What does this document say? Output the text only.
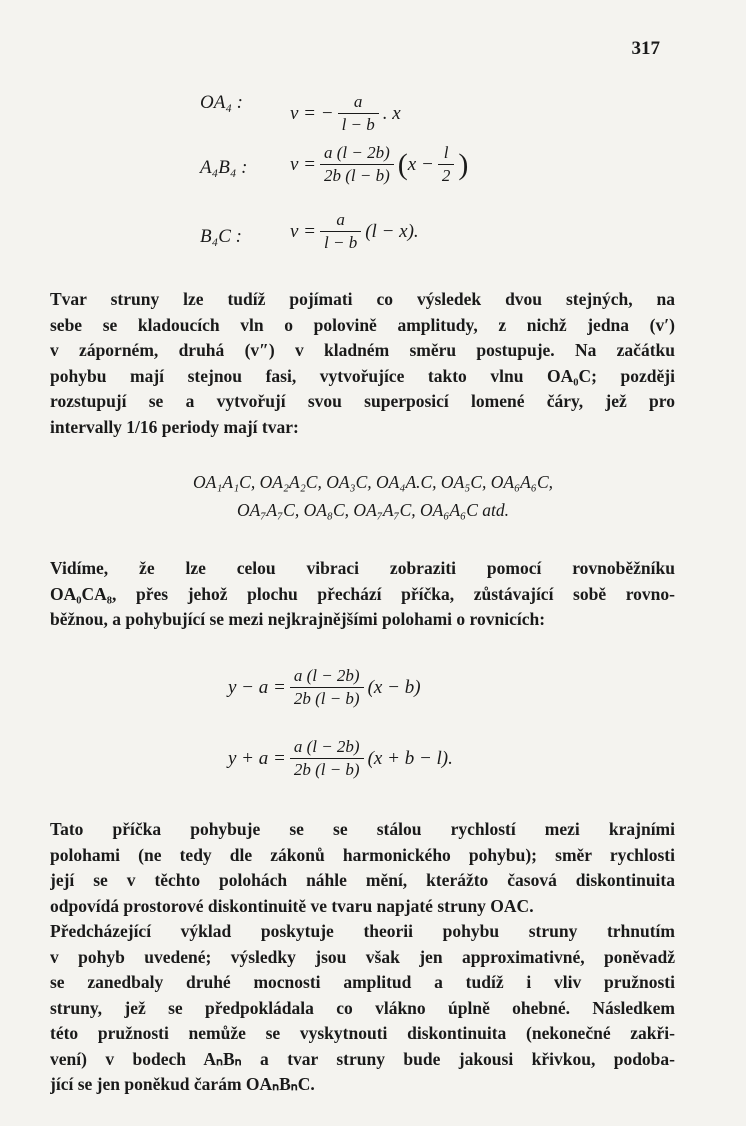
317
OA₄ : v = − $\frac{a}{l - b}$ . x
A₄B₄ : $v = \frac{a (l - 2b)}{2b (l - b)}$ ( $x - \frac{l}{2}$ )
B₄C :	$v = \frac{a}{l - b} (l - x)$.
Tvar struny lze tudíž pojímati co výsledek dvou stejných, na
sebe se kladoucích vln o polovině amplitudy, z nichž jedna (v′)
v záporném, druhá (v″) v kladném směru postupuje. Na začátku
pohybu mají stejnou fasi, vytvořujíce takto vlnu OA₀C; později
rozstupují se a vytvořují svou superposicí lomené čáry, jež pro
intervally 1/16 periody mají tvar:
OA₁A₁C, OA₂A₂C, OA₃C, OA₄A.C, OA₅C, OA₆A₆C,
OA₇A₇C, OA₈C, OA₇A₇C, OA₆A₆C atd.
Vidíme, že lze celou vibraci zobraziti pomocí rovnoběžníku
OA₀CA₈, přes jehož plochu přechází příčka, zůstávající sobě rovno-
běžnou, a pohybující se mezi nejkrajnějšími polohami o rovnicích:
$y - a = \frac{a (l - 2b)}{2b (l - b)} (x - b)$
$y + a = \frac{a (l - 2b)}{2b (l - b)} (x + b - l)$.
Tato příčka pohybuje se se stálou rychlostí mezi krajními
polohami (ne tedy dle zákonů harmonického pohybu); směr rychlosti
její se v těchto polohách náhle mění, kterážto časová diskontinuita
odpovídá prostorové diskontinuitě ve tvaru napjaté struny OAC.
Předcházející výklad poskytuje theorii pohybu struny trhnutím
v pohyb uvedené; výsledky jsou však jen approximativné, poněvadž
se zanedbaly druhé mocnosti amplitud a tudíž i vliv pružnosti
struny, jež se předpokládala co vlákno úplně ohebné. Následkem
této pružnosti nemůže se vyskytnouti diskontinuita (nekonečné zakři-
vení) v bodech AₙBₙ a tvar struny bude jakousi křivkou, podoba-
jící se jen poněkud čarám OAₙBₙC.
